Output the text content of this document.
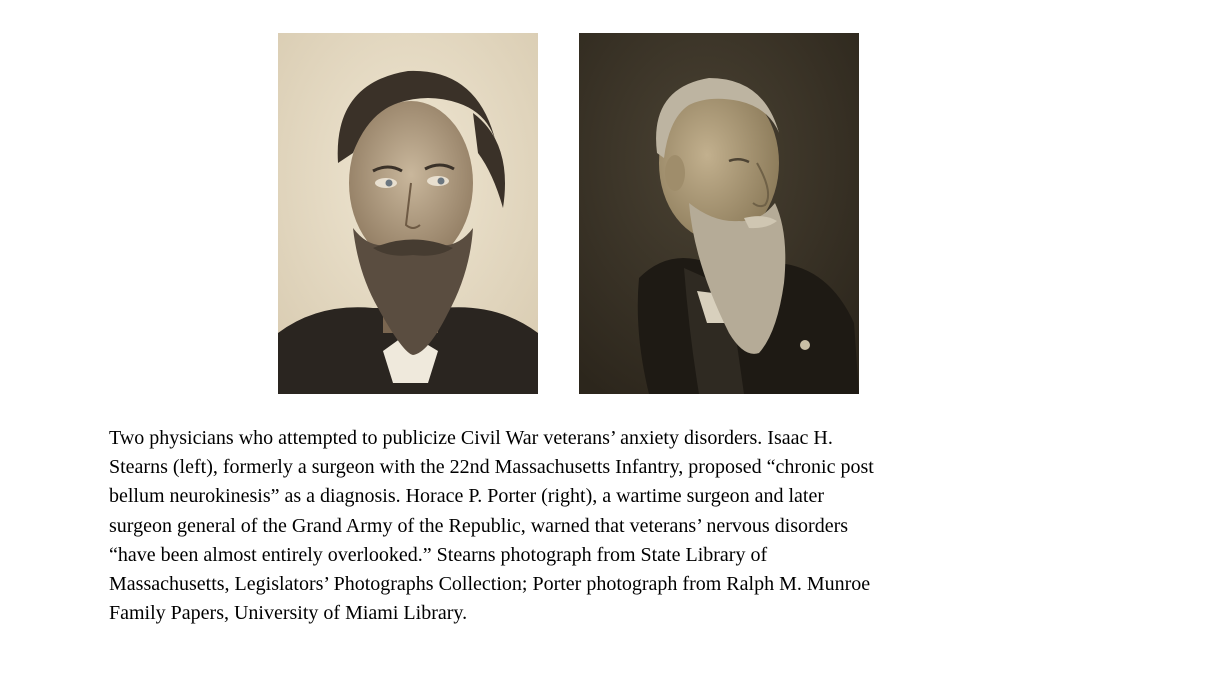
Two physicians who attempted to publicize Civil War veterans’ anxiety disorders. Isaac H.
Stearns (left), formerly a surgeon with the 22nd Massachusetts Infantry, proposed “chronic post
bellum neurokinesis” as a diagnosis. Horace P. Porter (right), a wartime surgeon and later
surgeon general of the Grand Army of the Republic, warned that veterans’ nervous disorders
“have been almost entirely overlooked.” Stearns photograph from State Library of
Massachusetts, Legislators’ Photographs Collection; Porter photograph from Ralph M. Munroe
Family Papers, University of Miami Library.
